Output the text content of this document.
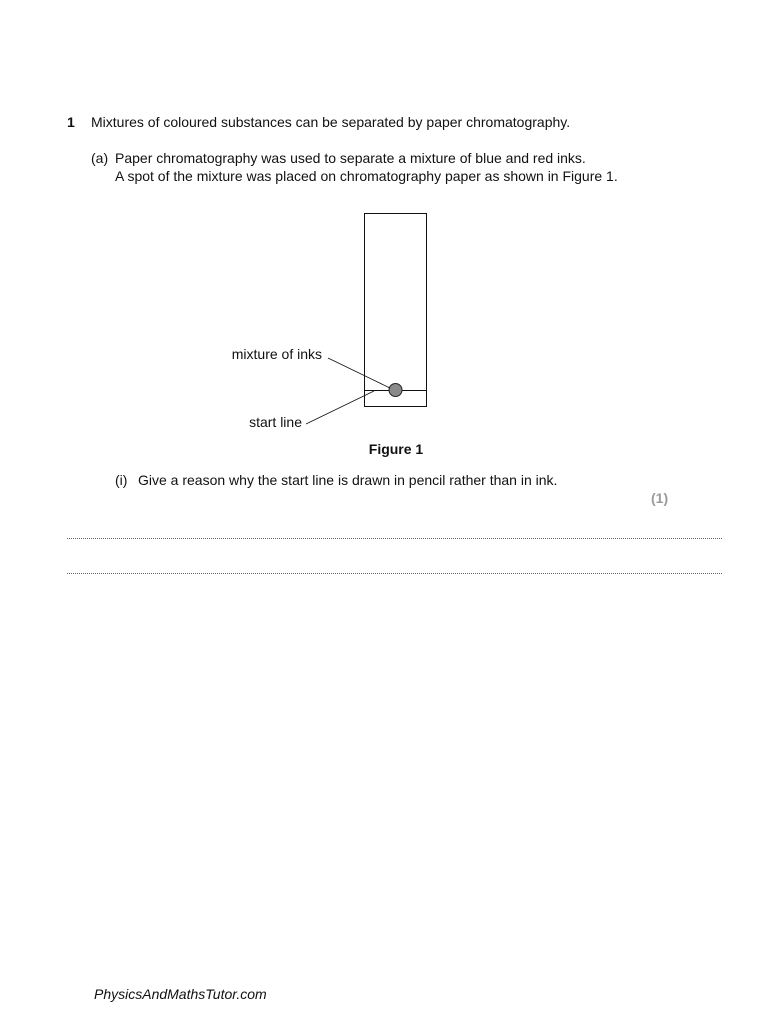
1 Mixtures of coloured substances can be separated by paper chromatography.
(a) Paper chromatography was used to separate a mixture of blue and red inks.
A spot of the mixture was placed on chromatography paper as shown in Figure 1.
mixture of inks
start line
Figure 1
(i) Give a reason why the start line is drawn in pencil rather than in ink.
(1)
PhysicsAndMathsTutor.com
